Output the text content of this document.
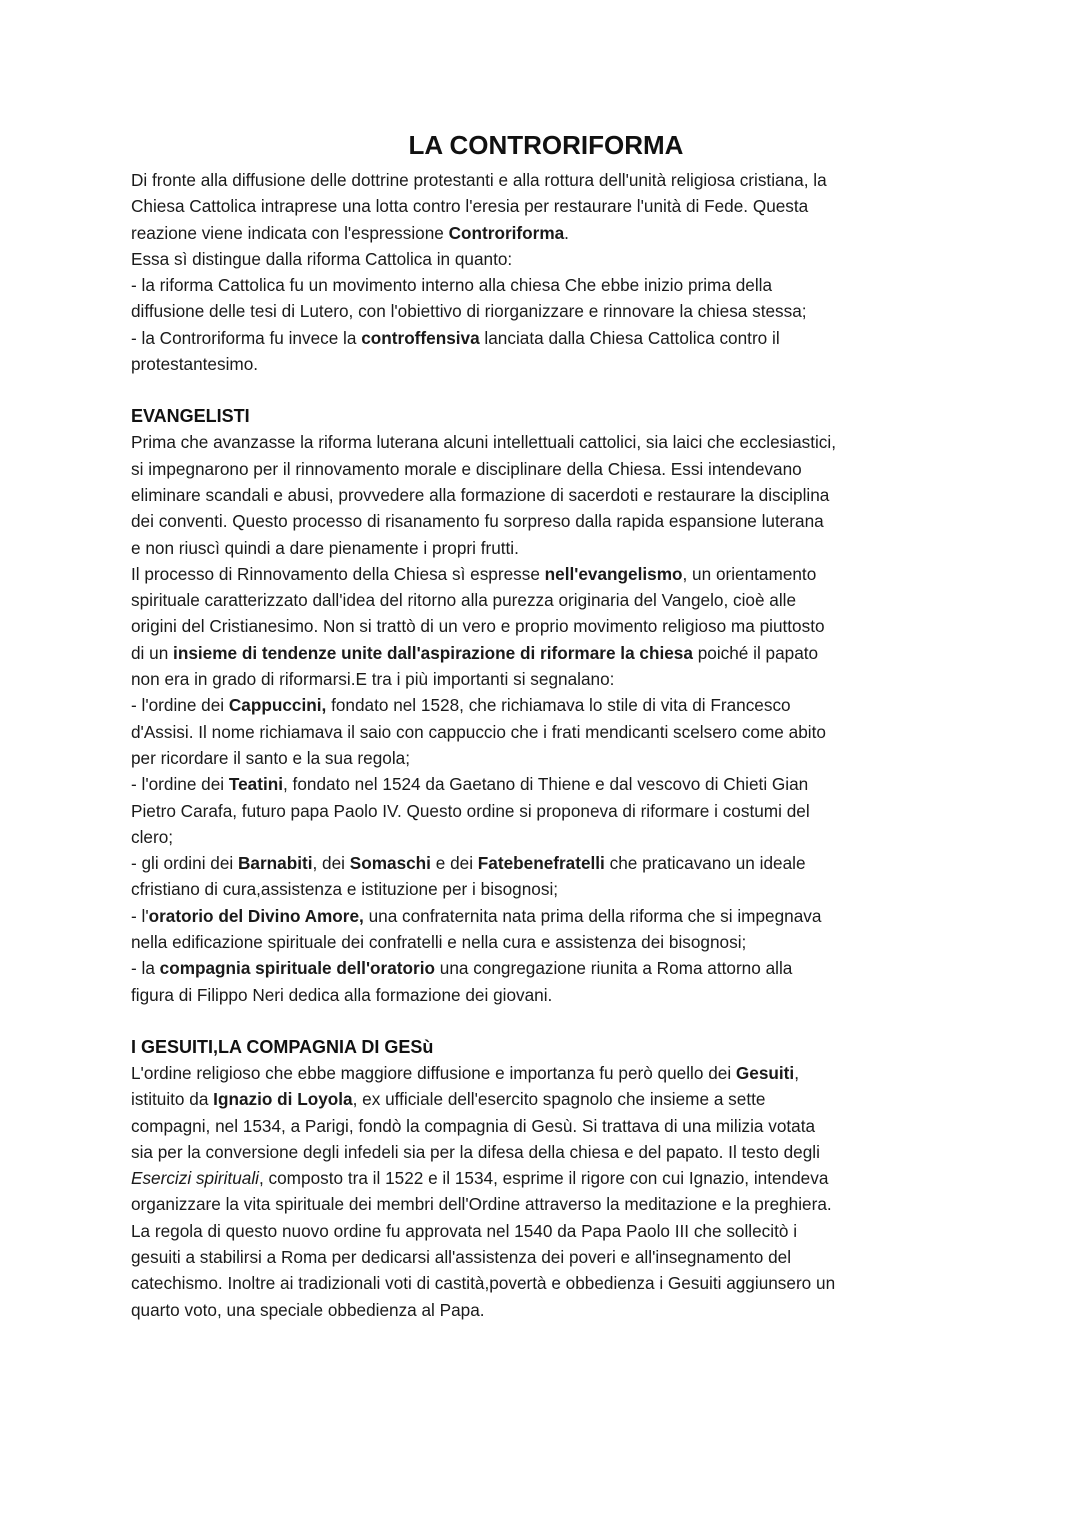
LA CONTRORIFORMA
Di fronte alla diffusione delle dottrine protestanti e alla rottura dell'unità religiosa cristiana, la
Chiesa Cattolica intraprese una lotta contro l'eresia per restaurare l'unità di Fede. Questa
reazione viene indicata con l'espressione Controriforma.
Essa sì distingue dalla riforma Cattolica in quanto:
- la riforma Cattolica fu un movimento interno alla chiesa Che ebbe inizio prima della
diffusione delle tesi di Lutero, con l'obiettivo di riorganizzare e rinnovare la chiesa stessa;
- la Controriforma fu invece la controffensiva lanciata dalla Chiesa Cattolica contro il
protestantesimo.
EVANGELISTI
Prima che avanzasse la riforma luterana alcuni intellettuali cattolici, sia laici che ecclesiastici,
si impegnarono per il rinnovamento morale e disciplinare della Chiesa. Essi intendevano
eliminare scandali e abusi, provvedere alla formazione di sacerdoti e restaurare la disciplina
dei conventi. Questo processo di risanamento fu sorpreso dalla rapida espansione luterana
e non riuscì quindi a dare pienamente i propri frutti.
Il processo di Rinnovamento della Chiesa sì espresse nell'evangelismo, un orientamento
spirituale caratterizzato dall'idea del ritorno alla purezza originaria del Vangelo, cioè alle
origini del Cristianesimo. Non si trattò di un vero e proprio movimento religioso ma piuttosto
di un insieme di tendenze unite dall'aspirazione di riformare la chiesa poiché il papato
non era in grado di riformarsi.E tra i più importanti si segnalano:
- l'ordine dei Cappuccini, fondato nel 1528, che richiamava lo stile di vita di Francesco
d'Assisi. Il nome richiamava il saio con cappuccio che i frati mendicanti scelsero come abito
per ricordare il santo e la sua regola;
- l'ordine dei Teatini, fondato nel 1524 da Gaetano di Thiene e dal vescovo di Chieti Gian
Pietro Carafa, futuro papa Paolo IV. Questo ordine si proponeva di riformare i costumi del
clero;
- gli ordini dei Barnabiti, dei Somaschi e dei Fatebenefratelli che praticavano un ideale
cfristiano di cura,assistenza e istituzione per i bisognosi;
- l'oratorio del Divino Amore, una confraternita nata prima della riforma che si impegnava
nella edificazione spirituale dei confratelli e nella cura e assistenza dei bisognosi;
- la compagnia spirituale dell'oratorio una congregazione riunita a Roma attorno alla
figura di Filippo Neri dedica alla formazione dei giovani.
I GESUITI,LA COMPAGNIA DI GESù
L'ordine religioso che ebbe maggiore diffusione e importanza fu però quello dei Gesuiti,
istituito da Ignazio di Loyola, ex ufficiale dell'esercito spagnolo che insieme a sette
compagni, nel 1534, a Parigi, fondò la compagnia di Gesù. Si trattava di una milizia votata
sia per la conversione degli infedeli sia per la difesa della chiesa e del papato. Il testo degli
Esercizi spirituali, composto tra il 1522 e il 1534, esprime il rigore con cui Ignazio, intendeva
organizzare la vita spirituale dei membri dell'Ordine attraverso la meditazione e la preghiera.
La regola di questo nuovo ordine fu approvata nel 1540 da Papa Paolo III che sollecitò i
gesuiti a stabilirsi a Roma per dedicarsi all'assistenza dei poveri e all'insegnamento del
catechismo. Inoltre ai tradizionali voti di castità,povertà e obbedienza i Gesuiti aggiunsero un
quarto voto, una speciale obbedienza al Papa.
